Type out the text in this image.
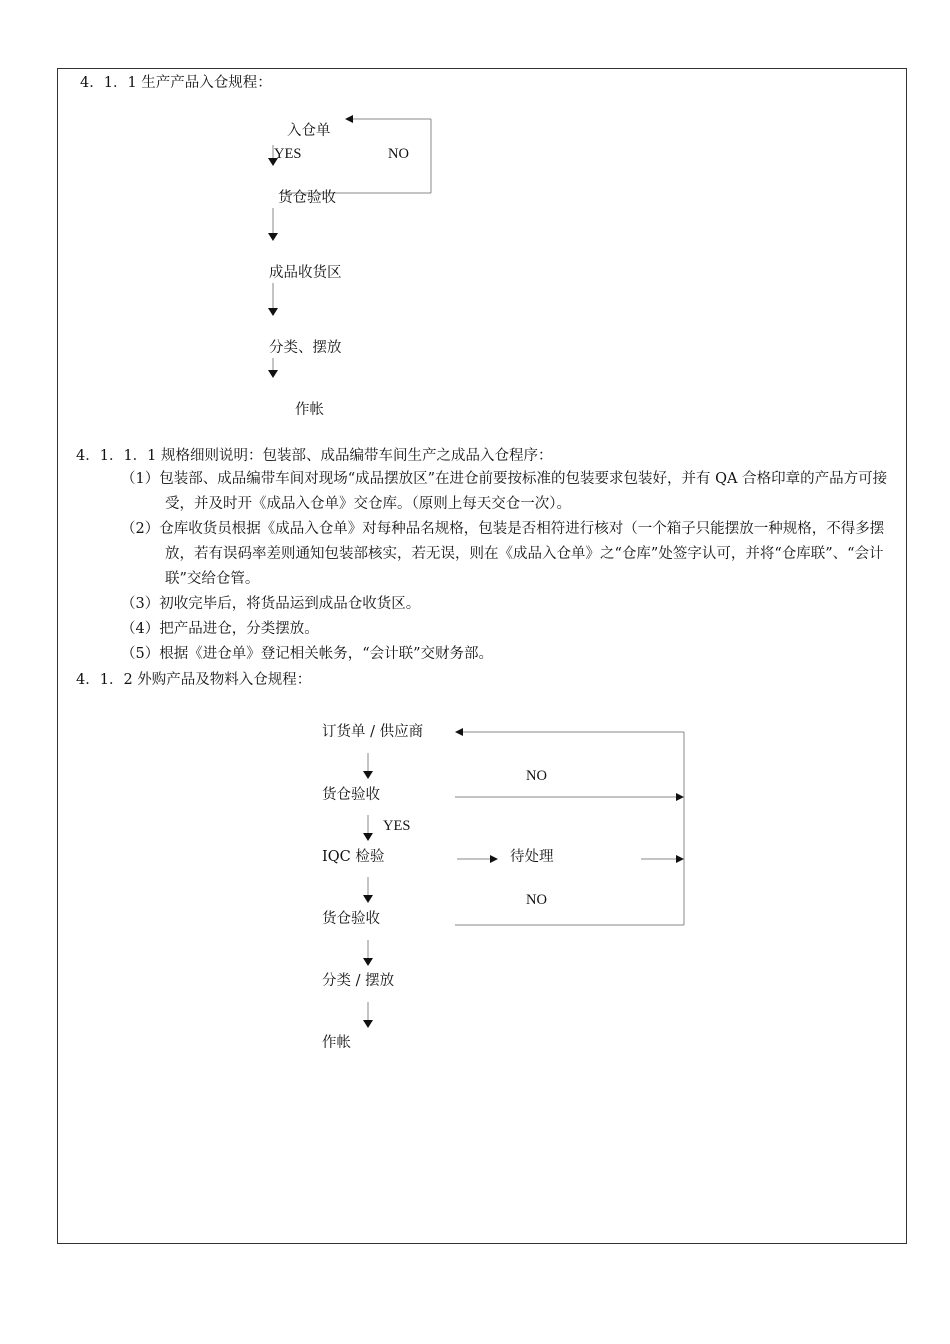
4．1．1 生产产品入仓规程：
入仓单
YES	NO
货仓验收
成品收货区
分类、摆放
作帐
4．1．1．1 规格细则说明：包装部、成品编带车间生产之成品入仓程序：
（1）包装部、成品编带车间对现场“成品摆放区”在进仓前要按标准的包装要求包装好，并有 QA 合格印章的产品方可接受，并及时开《成品入仓单》交仓库。（原则上每天交仓一次）。
（2）仓库收货员根据《成品入仓单》对每种品名规格，包装是否相符进行核对（一个箱子只能摆放一种规格，不得多摆放，若有误码率差则通知包装部核实，若无误，则在《成品入仓单》之“仓库”处签字认可，并将“仓库联”、“会计联”交给仓管。
（3）初收完毕后，将货品运到成品仓收货区。
（4）把产品进仓，分类摆放。
（5）根据《进仓单》登记相关帐务，“会计联”交财务部。
4．1．2 外购产品及物料入仓规程：
订货单 / 供应商
NO
货仓验收
YES
IQC 检验	待处理
NO
货仓验收
分类 / 摆放
作帐
